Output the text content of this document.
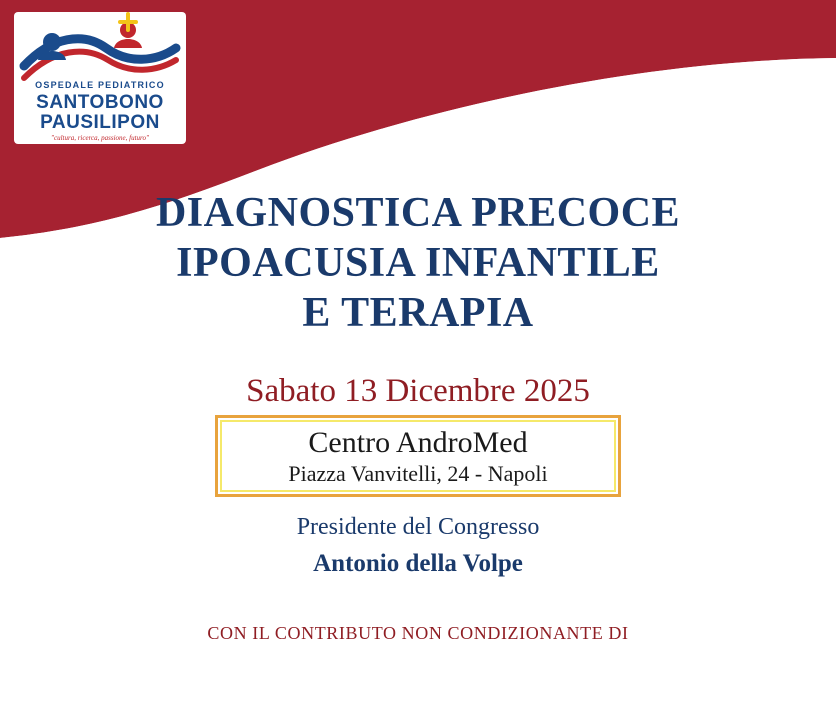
OSPEDALE PEDIATRICO
SANTOBONO
PAUSILIPON
"cultura, ricerca, passione, futuro"
DIAGNOSTICA PRECOCE
IPOACUSIA INFANTILE
E TERAPIA
Sabato 13 Dicembre 2025
Centro AndroMed
Piazza Vanvitelli, 24 - Napoli
Presidente del Congresso
Antonio della Volpe
CON IL CONTRIBUTO NON CONDIZIONANTE DI
